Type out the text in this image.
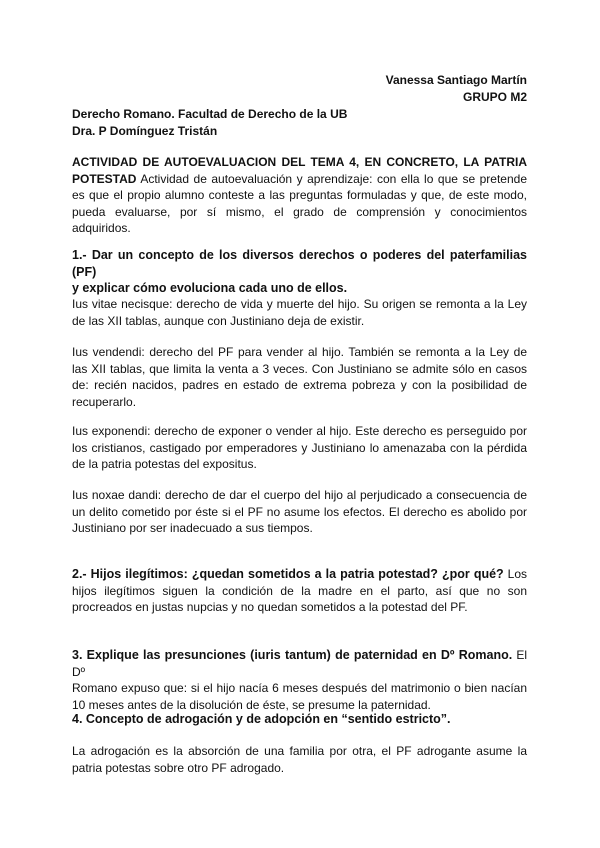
Vanessa Santiago Martín
GRUPO M2
Derecho Romano. Facultad de Derecho de la UB
Dra. P Domínguez Tristán
ACTIVIDAD DE AUTOEVALUACION DEL TEMA 4, EN CONCRETO, LA PATRIA
POTESTAD Actividad de autoevaluación y aprendizaje: con ella lo que se pretende
es que el propio alumno conteste a las preguntas formuladas y que, de este modo,
pueda evaluarse, por sí mismo, el grado de comprensión y conocimientos
adquiridos.
1.- Dar un concepto de los diversos derechos o poderes del paterfamilias (PF)
y explicar cómo evoluciona cada uno de ellos.
Ius vitae necisque: derecho de vida y muerte del hijo. Su origen se remonta a la Ley
de las XII tablas, aunque con Justiniano deja de existir.
Ius vendendi: derecho del PF para vender al hijo. También se remonta a la Ley de
las XII tablas, que limita la venta a 3 veces. Con Justiniano se admite sólo en casos
de: recién nacidos, padres en estado de extrema pobreza y con la posibilidad de
recuperarlo.
Ius exponendi: derecho de exponer o vender al hijo. Este derecho es perseguido por
los cristianos, castigado por emperadores y Justiniano lo amenazaba con la pérdida
de la patria potestas del expositus.
Ius noxae dandi: derecho de dar el cuerpo del hijo al perjudicado a consecuencia de
un delito cometido por éste si el PF no asume los efectos. El derecho es abolido por
Justiniano por ser inadecuado a sus tiempos.
2.- Hijos ilegítimos: ¿quedan sometidos a la patria potestad? ¿por qué? Los
hijos ilegítimos siguen la condición de la madre en el parto, así que no son
procreados en justas nupcias y no quedan sometidos a la potestad del PF.
3. Explique las presunciones (iuris tantum) de paternidad en Dº Romano. El Dº
Romano expuso que: si el hijo nacía 6 meses después del matrimonio o bien nacían
10 meses antes de la disolución de éste, se presume la paternidad.
4. Concepto de adrogación y de adopción en “sentido estricto”.
La adrogación es la absorción de una familia por otra, el PF adrogante asume la
patria potestas sobre otro PF adrogado.
